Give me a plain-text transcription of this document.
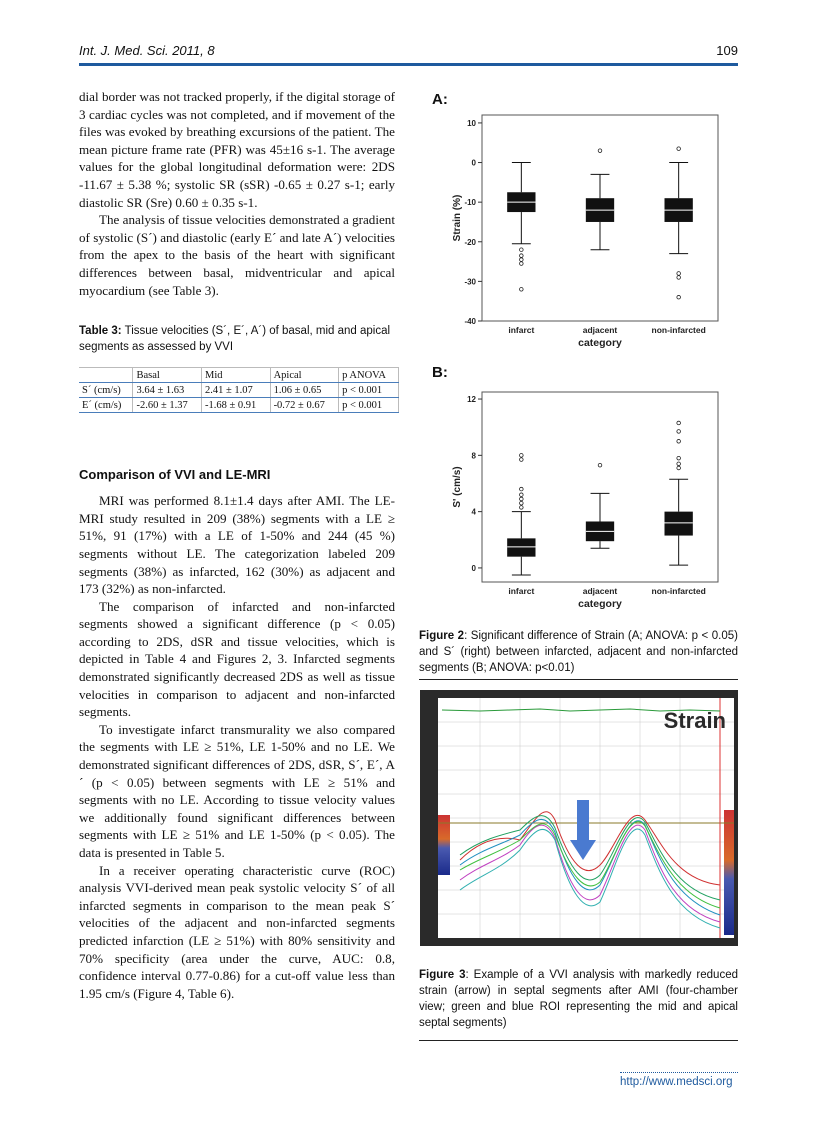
Int. J. Med. Sci. 2011, 8	109

dial border was not tracked properly, if the digital storage of 3 cardiac cycles was not completed, and if movement of the files was evoked by breathing excursions of the patient. The mean picture frame rate (PFR) was 45±16 s-1. The average values for the global longitudinal deformation were: 2DS -11.67 ± 5.38 %; systolic SR (sSR) -0.65 ± 0.27 s-1; early diastolic SR (Sre) 0.60 ± 0.35 s-1.

The analysis of tissue velocities demonstrated a gradient of systolic (S´) and diastolic (early E´ and late A´) velocities from the apex to the basis of the heart with significant differences between basal, midventricular and apical myocardium (see Table 3).

Table 3: Tissue velocities (S´, E´, A´) of basal, mid and apical segments as assessed by VVI
	Basal	Mid	Apical	p ANOVA
S´ (cm/s)	3.64 ± 1.63	2.41 ± 1.07	1.06 ± 0.65	p < 0.001
E´ (cm/s)	-2.60 ± 1.37	-1.68 ± 0.91	-0.72 ± 0.67	p < 0.001
Comparison of VVI and LE-MRI

MRI was performed 8.1±1.4 days after AMI. The LE-MRI study resulted in 209 (38%) segments with a LE ≥ 51%, 91 (17%) with a LE of 1-50% and 244 (45 %) segments without LE. The categorization labeled 209 segments (38%) as infarcted, 162 (30%) as adjacent and 173 (32%) as non-infarcted.

The comparison of infarcted and non-infarcted segments showed a significant difference (p < 0.05) according to 2DS, dSR and tissue velocities, which is depicted in Table 4 and Figures 2, 3. Infarcted segments demonstrated significantly decreased 2DS as well as tissue velocities in comparison to adjacent and non-infarcted segments.

To investigate infarct transmurality we also compared the segments with LE ≥ 51%, LE 1-50% and no LE. We demonstrated significant differences of 2DS, dSR, S´, E´, A´ (p < 0.05) between segments with LE ≥ 51% and segments with no LE. According to tissue velocity values we additionally found significant differences between segments with LE ≥ 51% and LE 1-50% (p < 0.05). The data is presented in Table 5.

In a receiver operating characteristic curve (ROC) analysis VVI-derived mean peak systolic velocity S´ of all infarcted segments in comparison to the mean peak S´ velocities of the adjacent and non-infarcted segments predicted infarction (LE ≥ 51%) with 80% sensitivity and 70% specificity (area under the curve, AUC: 0.8, confidence interval 0.77-0.86) for a cut-off value less than 1.95 cm/s (Figure 4, Table 6).

A:
10
0
-10
-20
-30
-40
Strain (%)
infarct	adjacent	non-infarcted
category
B:
12
8
4
0
S' (cm/s)
infarct	adjacent	non-infarcted
category
Figure 2: Significant difference of Strain (A; ANOVA: p < 0.05) and S´ (right) between infarcted, adjacent and non-infarcted segments (B; ANOVA: p<0.01)
Strain
Figure 3: Example of a VVI analysis with markedly reduced strain (arrow) in septal segments after AMI (four-chamber view; green and blue ROI representing the mid and apical septal segments)
http://www.medsci.org
